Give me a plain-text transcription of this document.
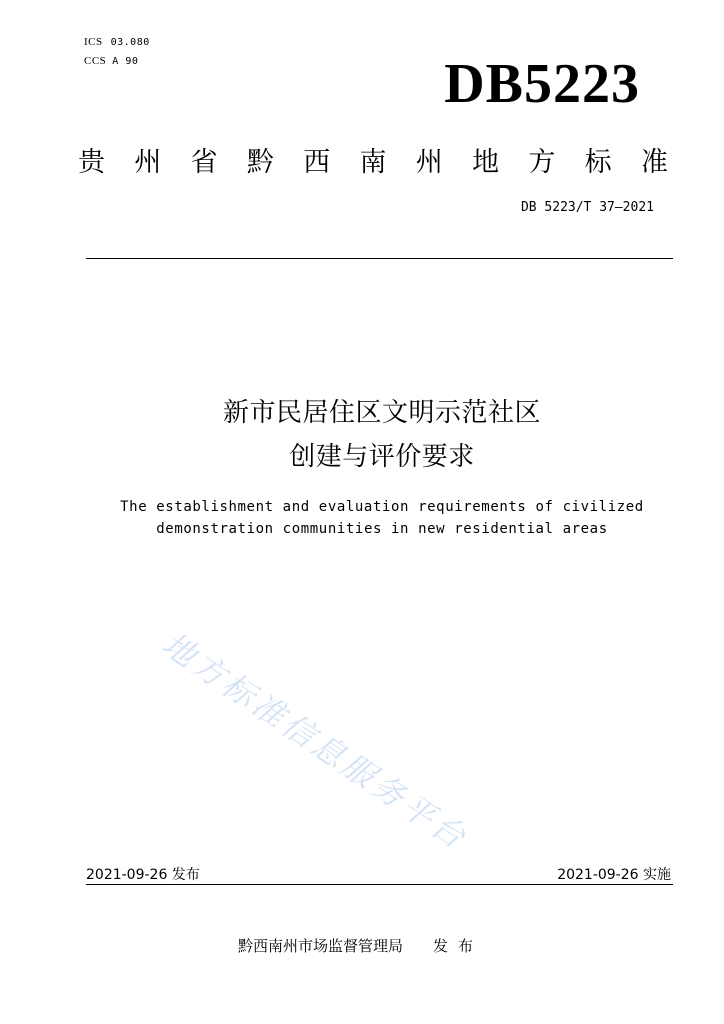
ICS 03.080
CCS A 90	DB5223
贵 州 省 黔 西 南 州 地 方 标 准
DB 5223/T 37—2021
新市民居住区文明示范社区
创建与评价要求
The establishment and evaluation requirements of civilized
demonstration communities in new residential areas
地方标准信息服务平台
2021-09-26 发布	2021-09-26 实施
黔西南州市场监督管理局 发布
